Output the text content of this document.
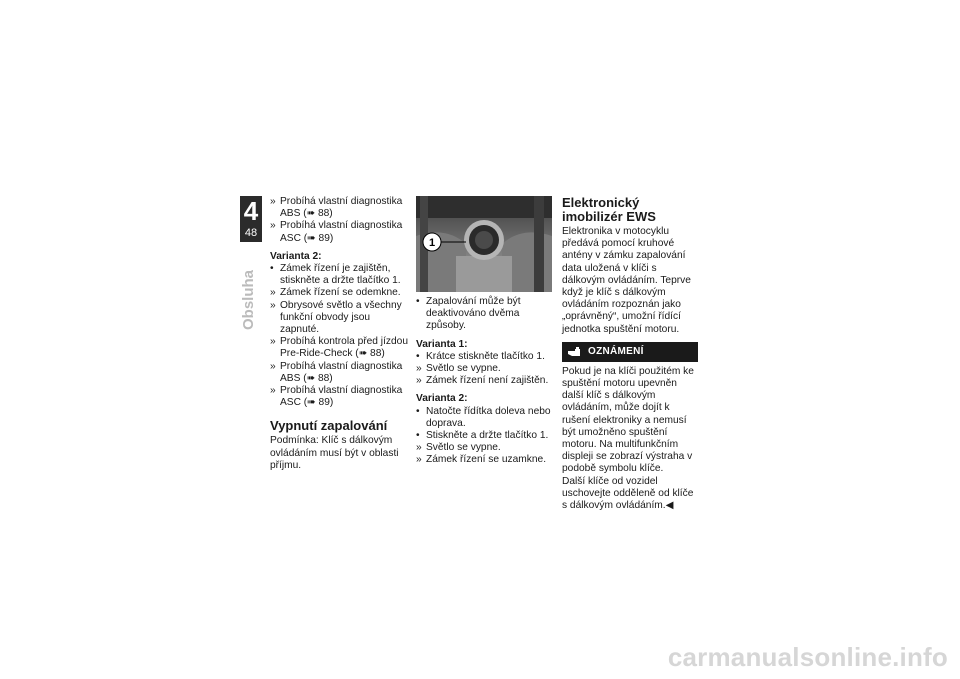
4
48
Obsluha

» Probíhá vlastní diagnostika ABS (➠ 88)

» Probíhá vlastní diagnostika ASC (➠ 89)

Varianta 2:

• Zámek řízení je zajištěn, stiskněte a držte tlačítko 1.

» Zámek řízení se odemkne.

» Obrysové světlo a všechny funkční obvody jsou zapnuté.

» Probíhá kontrola před jízdou Pre-Ride-Check (➠ 88)

» Probíhá vlastní diagnostika ABS (➠ 88)

» Probíhá vlastní diagnostika ASC (➠ 89)

Vypnutí zapalování

Podmínka: Klíč s dálkovým ovládáním musí být v oblasti příjmu.

1

• Zapalování může být deaktivováno dvěma způsoby.

Varianta 1:

• Krátce stiskněte tlačítko 1.

» Světlo se vypne.

» Zámek řízení není zajištěn.

Varianta 2:

• Natočte řídítka doleva nebo doprava.

• Stiskněte a držte tlačítko 1.

» Světlo se vypne.

» Zámek řízení se uzamkne.

Elektronický imobilizér EWS

Elektronika v motocyklu předává pomocí kruhové antény v zámku zapalování data uložená v klíči s dálkovým ovládáním. Teprve když je klíč s dálkovým ovládáním rozpoznán jako „oprávněný“, umožní řídící jednotka spuštění motoru.

OZNÁMENÍ

Pokud je na klíči použitém ke spuštění motoru upevněn další klíč s dálkovým ovládáním, může dojít k rušení elektroniky a nemusí být umožněno spuštění motoru. Na multifunkčním displeji se zobrazí výstraha v podobě symbolu klíče.

Další klíče od vozidel uschovejte odděleně od klíče s dálkovým ovládáním.◀

carmanualsonline.info
